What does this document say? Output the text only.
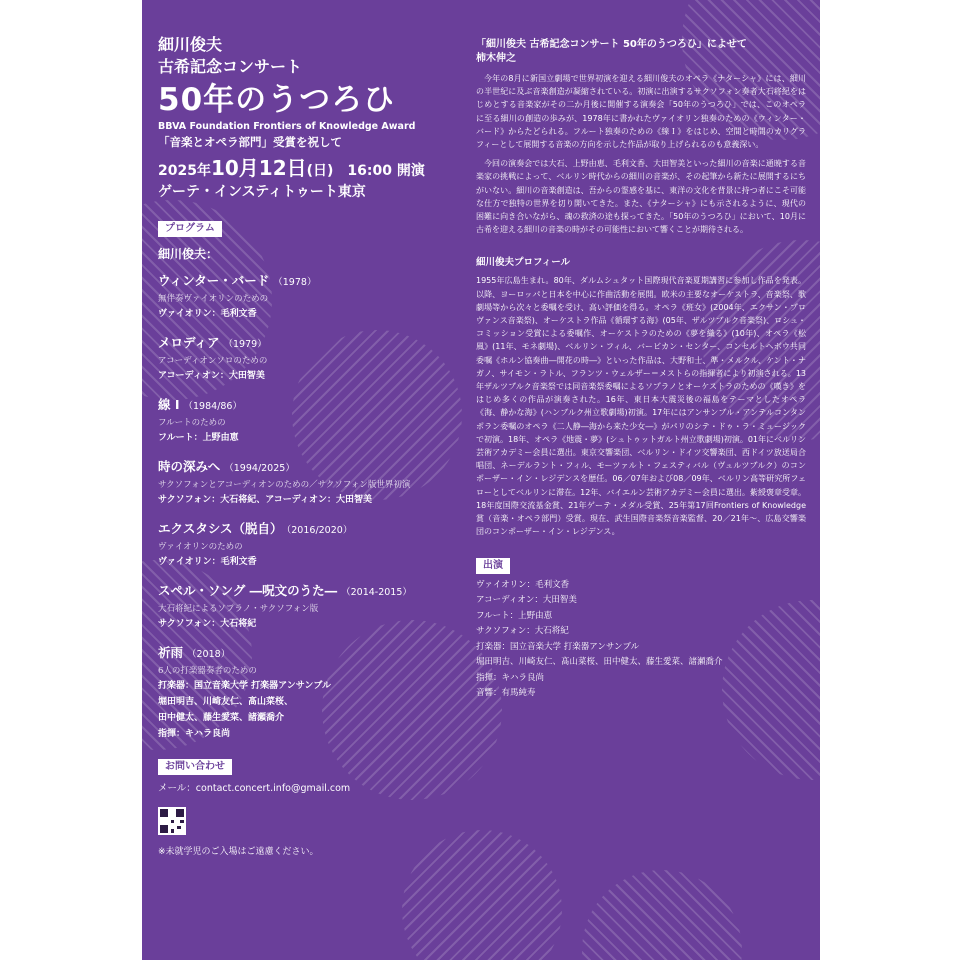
細川俊夫
古希記念コンサート
50年のうつろひ
BBVA Foundation Frontiers of Knowledge Award
「音楽とオペラ部門」受賞を祝して
2025年10月12日(日)　16:00 開演
ゲーテ・インスティトゥート東京
プログラム
細川俊夫：
ウィンター・バード （1978）
無伴奏ヴァイオリンのための
ヴァイオリン：毛利文香
メロディア （1979）
アコーディオンソロのための
アコーディオン：大田智美
線 I （1984/86）
フルートのための
フルート：上野由恵
時の深みへ （1994/2025）
サクソフォンとアコーディオンのための／サクソフォン版世界初演
サクソフォン：大石将紀、アコーディオン：大田智美
エクスタシス（脱自） （2016/2020）
ヴァイオリンのための
ヴァイオリン：毛利文香
スペル・ソング ―呪文のうた― （2014-2015）
大石将紀によるソプラノ・サクソフォン版
サクソフォン：大石将紀
祈雨 （2018）
6人の打楽器奏者のための
打楽器：国立音楽大学 打楽器アンサンブル
堀田明吉、川崎友仁、髙山菜桜、
田中健太、藤生愛菜、諸瀬喬介
指揮：キハラ良尚
お問い合わせ
メール：contact.concert.info@gmail.com
※未就学児のご入場はご遠慮ください。
「細川俊夫 古希記念コンサート 50年のうつろひ」によせて
柿木伸之

今年の8月に新国立劇場で世界初演を迎える細川俊夫のオペラ《ナターシャ》には、細川の半世紀に及ぶ音楽創造が凝縮されている。初演に出演するサクソフォン奏者大石将紀をはじめとする音楽家がその二か月後に開催する演奏会「50年のうつろひ」では、このオペラに至る細川の創造の歩みが、1978年に書かれたヴァイオリン独奏のための《ウィンター・バード》からたどられる。フルート独奏のための《線Ｉ》をはじめ、空間と時間のカリグラフィーとして展開する音楽の方向を示した作品が取り上げられるのも意義深い。

今回の演奏会では大石、上野由恵、毛利文香、大田智美といった細川の音楽に通暁する音楽家の挑戦によって、ベルリン時代からの細川の音楽が、その起筆から新たに展開するにちがいない。細川の音楽創造は、吾からの霊感を基に、東洋の文化を背景に持つ者にこそ可能な仕方で独特の世界を切り開いてきた。また、《ナターシャ》にも示されるように、現代の困難に向き合いながら、魂の救済の途も探ってきた。「50年のうつろひ」において、10月に古希を迎える細川の音楽の時がその可能性において響くことが期待される。

細川俊夫プロフィール
1955年広島生まれ。80年、ダルムシュタット国際現代音楽夏期講習に参加し作品を発表。以降、ヨーロッパと日本を中心に作曲活動を展開。欧米の主要なオーケストラ、音楽祭、歌劇場等から次々と委嘱を受け、高い評価を得る。オペラ《班女》(2004年、エクサン・プロヴァンス音楽祭)、オーケストラ作品《循環する海》(05年、ザルツブルク音楽祭)、ロシュ・コミッション受賞による委嘱作、オーケストラのための《夢を織る》(10年)、オペラ《松風》(11年、モネ劇場)、ベルリン・フィル、バービカン・センター、コンセルトヘボウ共同委嘱《ホルン協奏曲―開花の時―》といった作品は、大野和士、準・メルクル、ケント・ナガノ、サイモン・ラトル、フランツ・ウェルザー＝メストらの指揮者により初演される。13年ザルツブルク音楽祭では同音楽祭委嘱によるソプラノとオーケストラのための《嘆き》をはじめ多くの作品が演奏された。16年、東日本大震災後の福島をテーマとしたオペラ《海、静かな海》(ハンブルク州立歌劇場)初演。17年にはアンサンブル・アンテルコンタンポラン委嘱のオペラ《二人静―海から来た少女―》がパリのシテ・ドゥ・ラ・ミュージックで初演。18年、オペラ《地震・夢》(シュトゥットガルト州立歌劇場)初演。01年にベルリン芸術アカデミー会員に選出。東京交響楽団、ベルリン・ドイツ交響楽団、西ドイツ放送局合唱団、ネーデルラント・フィル、モーツァルト・フェスティバル（ヴュルツブルク）のコンポーザー・イン・レジデンスを歴任。06／07年および08／09年、ベルリン高等研究所フェローとしてベルリンに滞在。12年、バイエルン芸術アカデミー会員に選出。紫綬褒章受章。18年度国際交流基金賞、21年ゲーテ・メダル受賞、25年第17回Frontiers of Knowledge 賞（音楽・オペラ部門）受賞。現在、武生国際音楽祭音楽監督、20／21年～、広島交響楽団のコンポーザー・イン・レジデンス。
出演
ヴァイオリン：毛利文香
アコーディオン：大田智美
フルート：上野由恵
サクソフォン：大石将紀
打楽器：国立音楽大学 打楽器アンサンブル
堀田明吉、川崎友仁、髙山菜桜、田中健太、藤生愛菜、諸瀬喬介
指揮：キハラ良尚
音響：有馬純寿
